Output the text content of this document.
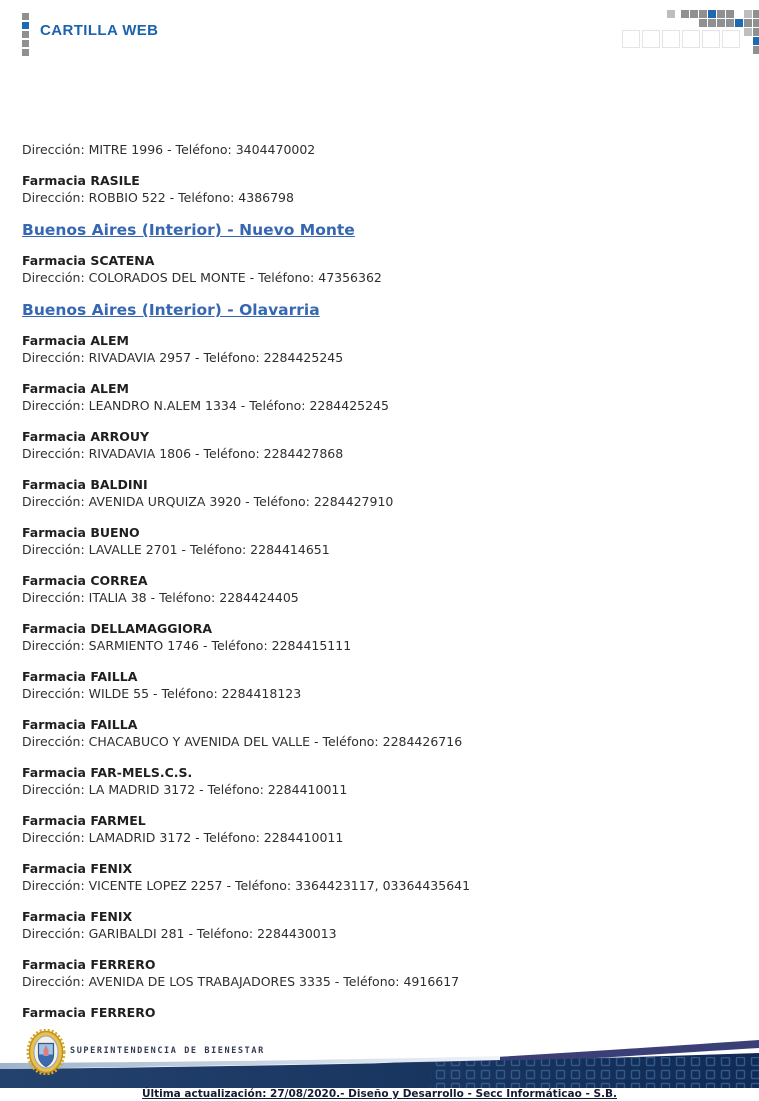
CARTILLA WEB
Dirección: MITRE 1996 - Teléfono: 3404470002
Farmacia RASILE
Dirección: ROBBIO 522 - Teléfono: 4386798
Buenos Aires (Interior) - Nuevo Monte
Farmacia SCATENA
Dirección: COLORADOS DEL MONTE - Teléfono: 47356362
Buenos Aires (Interior) - Olavarria
Farmacia ALEM
Dirección: RIVADAVIA 2957 - Teléfono: 2284425245
Farmacia ALEM
Dirección: LEANDRO N.ALEM 1334 - Teléfono: 2284425245
Farmacia ARROUY
Dirección: RIVADAVIA 1806 - Teléfono: 2284427868
Farmacia BALDINI
Dirección: AVENIDA URQUIZA 3920 - Teléfono: 2284427910
Farmacia BUENO
Dirección: LAVALLE 2701 - Teléfono: 2284414651
Farmacia CORREA
Dirección: ITALIA 38 - Teléfono: 2284424405
Farmacia DELLAMAGGIORA
Dirección: SARMIENTO 1746 - Teléfono: 2284415111
Farmacia FAILLA
Dirección: WILDE 55 - Teléfono: 2284418123
Farmacia FAILLA
Dirección: CHACABUCO Y AVENIDA DEL VALLE - Teléfono: 2284426716
Farmacia FAR-MELS.C.S.
Dirección: LA MADRID 3172 - Teléfono: 2284410011
Farmacia FARMEL
Dirección: LAMADRID 3172 - Teléfono: 2284410011
Farmacia FENIX
Dirección: VICENTE LOPEZ 2257 - Teléfono: 3364423117, 03364435641
Farmacia FENIX
Dirección: GARIBALDI 281 - Teléfono: 2284430013
Farmacia FERRERO
Dirección: AVENIDA DE LOS TRABAJADORES 3335 - Teléfono: 4916617
Farmacia FERRERO
SUPERINTENDENCIA DE BIENESTAR
Última actualización: 27/08/2020.- Diseño y Desarrollo - Secc Informáticao - S.B.
